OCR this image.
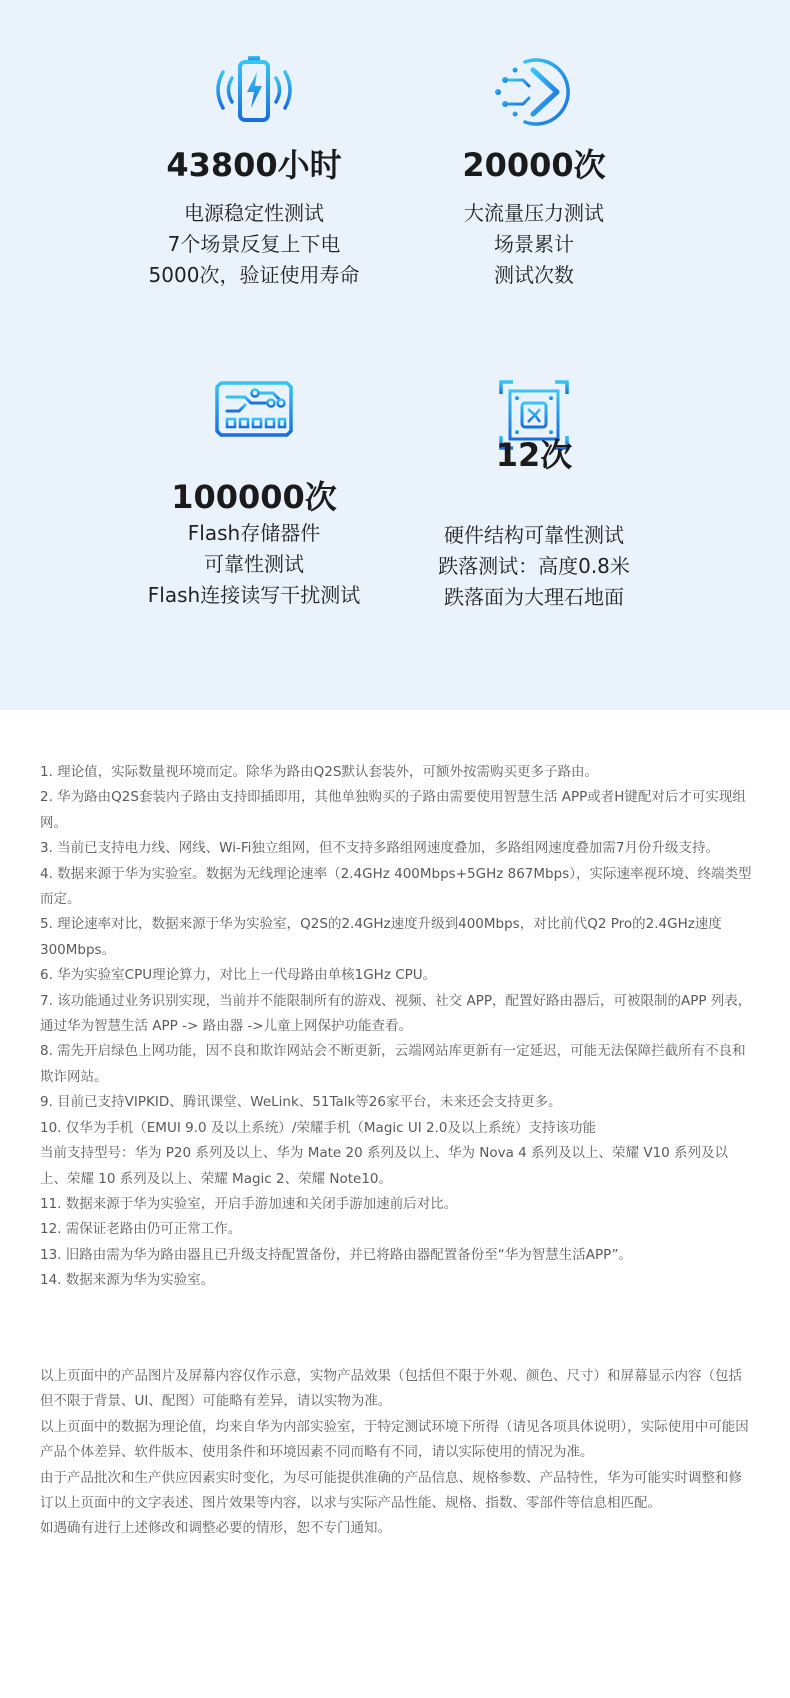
43800小时
电源稳定性测试
7个场景反复上下电
5000次，验证使用寿命
20000次
大流量压力测试
场景累计
测试次数
100000次
Flash存储器件
可靠性测试
Flash连接读写干扰测试
12次
硬件结构可靠性测试
跌落测试：高度0.8米
跌落面为大理石地面

1. 理论值，实际数量视环境而定。除华为路由Q2S默认套装外，可额外按需购买更多子路由。

2. 华为路由Q2S套装内子路由支持即插即用，其他单独购买的子路由需要使用智慧生活 APP或者H键配对后才可实现组网。

3. 当前已支持电力线、网线、Wi-Fi独立组网，但不支持多路组网速度叠加，多路组网速度叠加需7月份升级支持。

4. 数据来源于华为实验室。数据为无线理论速率（2.4GHz 400Mbps+5GHz 867Mbps），实际速率视环境、终端类型而定。

5. 理论速率对比，数据来源于华为实验室，Q2S的2.4GHz速度升级到400Mbps，对比前代Q2 Pro的2.4GHz速度300Mbps。

6. 华为实验室CPU理论算力，对比上一代母路由单核1GHz CPU。

7. 该功能通过业务识别实现，当前并不能限制所有的游戏、视频、社交 APP，配置好路由器后，可被限制的APP 列表，通过华为智慧生活 APP -> 路由器 ->儿童上网保护功能查看。

8. 需先开启绿色上网功能，因不良和欺诈网站会不断更新，云端网站库更新有一定延迟，可能无法保障拦截所有不良和欺诈网站。

9. 目前已支持VIPKID、腾讯课堂、WeLink、51Talk等26家平台，未来还会支持更多。

10. 仅华为手机（EMUI 9.0 及以上系统）/荣耀手机（Magic UI 2.0及以上系统）支持该功能

当前支持型号：华为 P20 系列及以上、华为 Mate 20 系列及以上、华为 Nova 4 系列及以上、荣耀 V10 系列及以上、荣耀 10 系列及以上、荣耀 Magic 2、荣耀 Note10。

11. 数据来源于华为实验室，开启手游加速和关闭手游加速前后对比。

12. 需保证老路由仍可正常工作。

13. 旧路由需为华为路由器且已升级支持配置备份，并已将路由器配置备份至“华为智慧生活APP”。

14. 数据来源为华为实验室。

以上页面中的产品图片及屏幕内容仅作示意，实物产品效果（包括但不限于外观、颜色、尺寸）和屏幕显示内容（包括但不限于背景、UI、配图）可能略有差异，请以实物为准。

以上页面中的数据为理论值，均来自华为内部实验室，于特定测试环境下所得（请见各项具体说明），实际使用中可能因产品个体差异、软件版本、使用条件和环境因素不同而略有不同，请以实际使用的情况为准。

由于产品批次和生产供应因素实时变化，为尽可能提供准确的产品信息、规格参数、产品特性，华为可能实时调整和修订以上页面中的文字表述、图片效果等内容，以求与实际产品性能、规格、指数、零部件等信息相匹配。

如遇确有进行上述修改和调整必要的情形，恕不专门通知。
